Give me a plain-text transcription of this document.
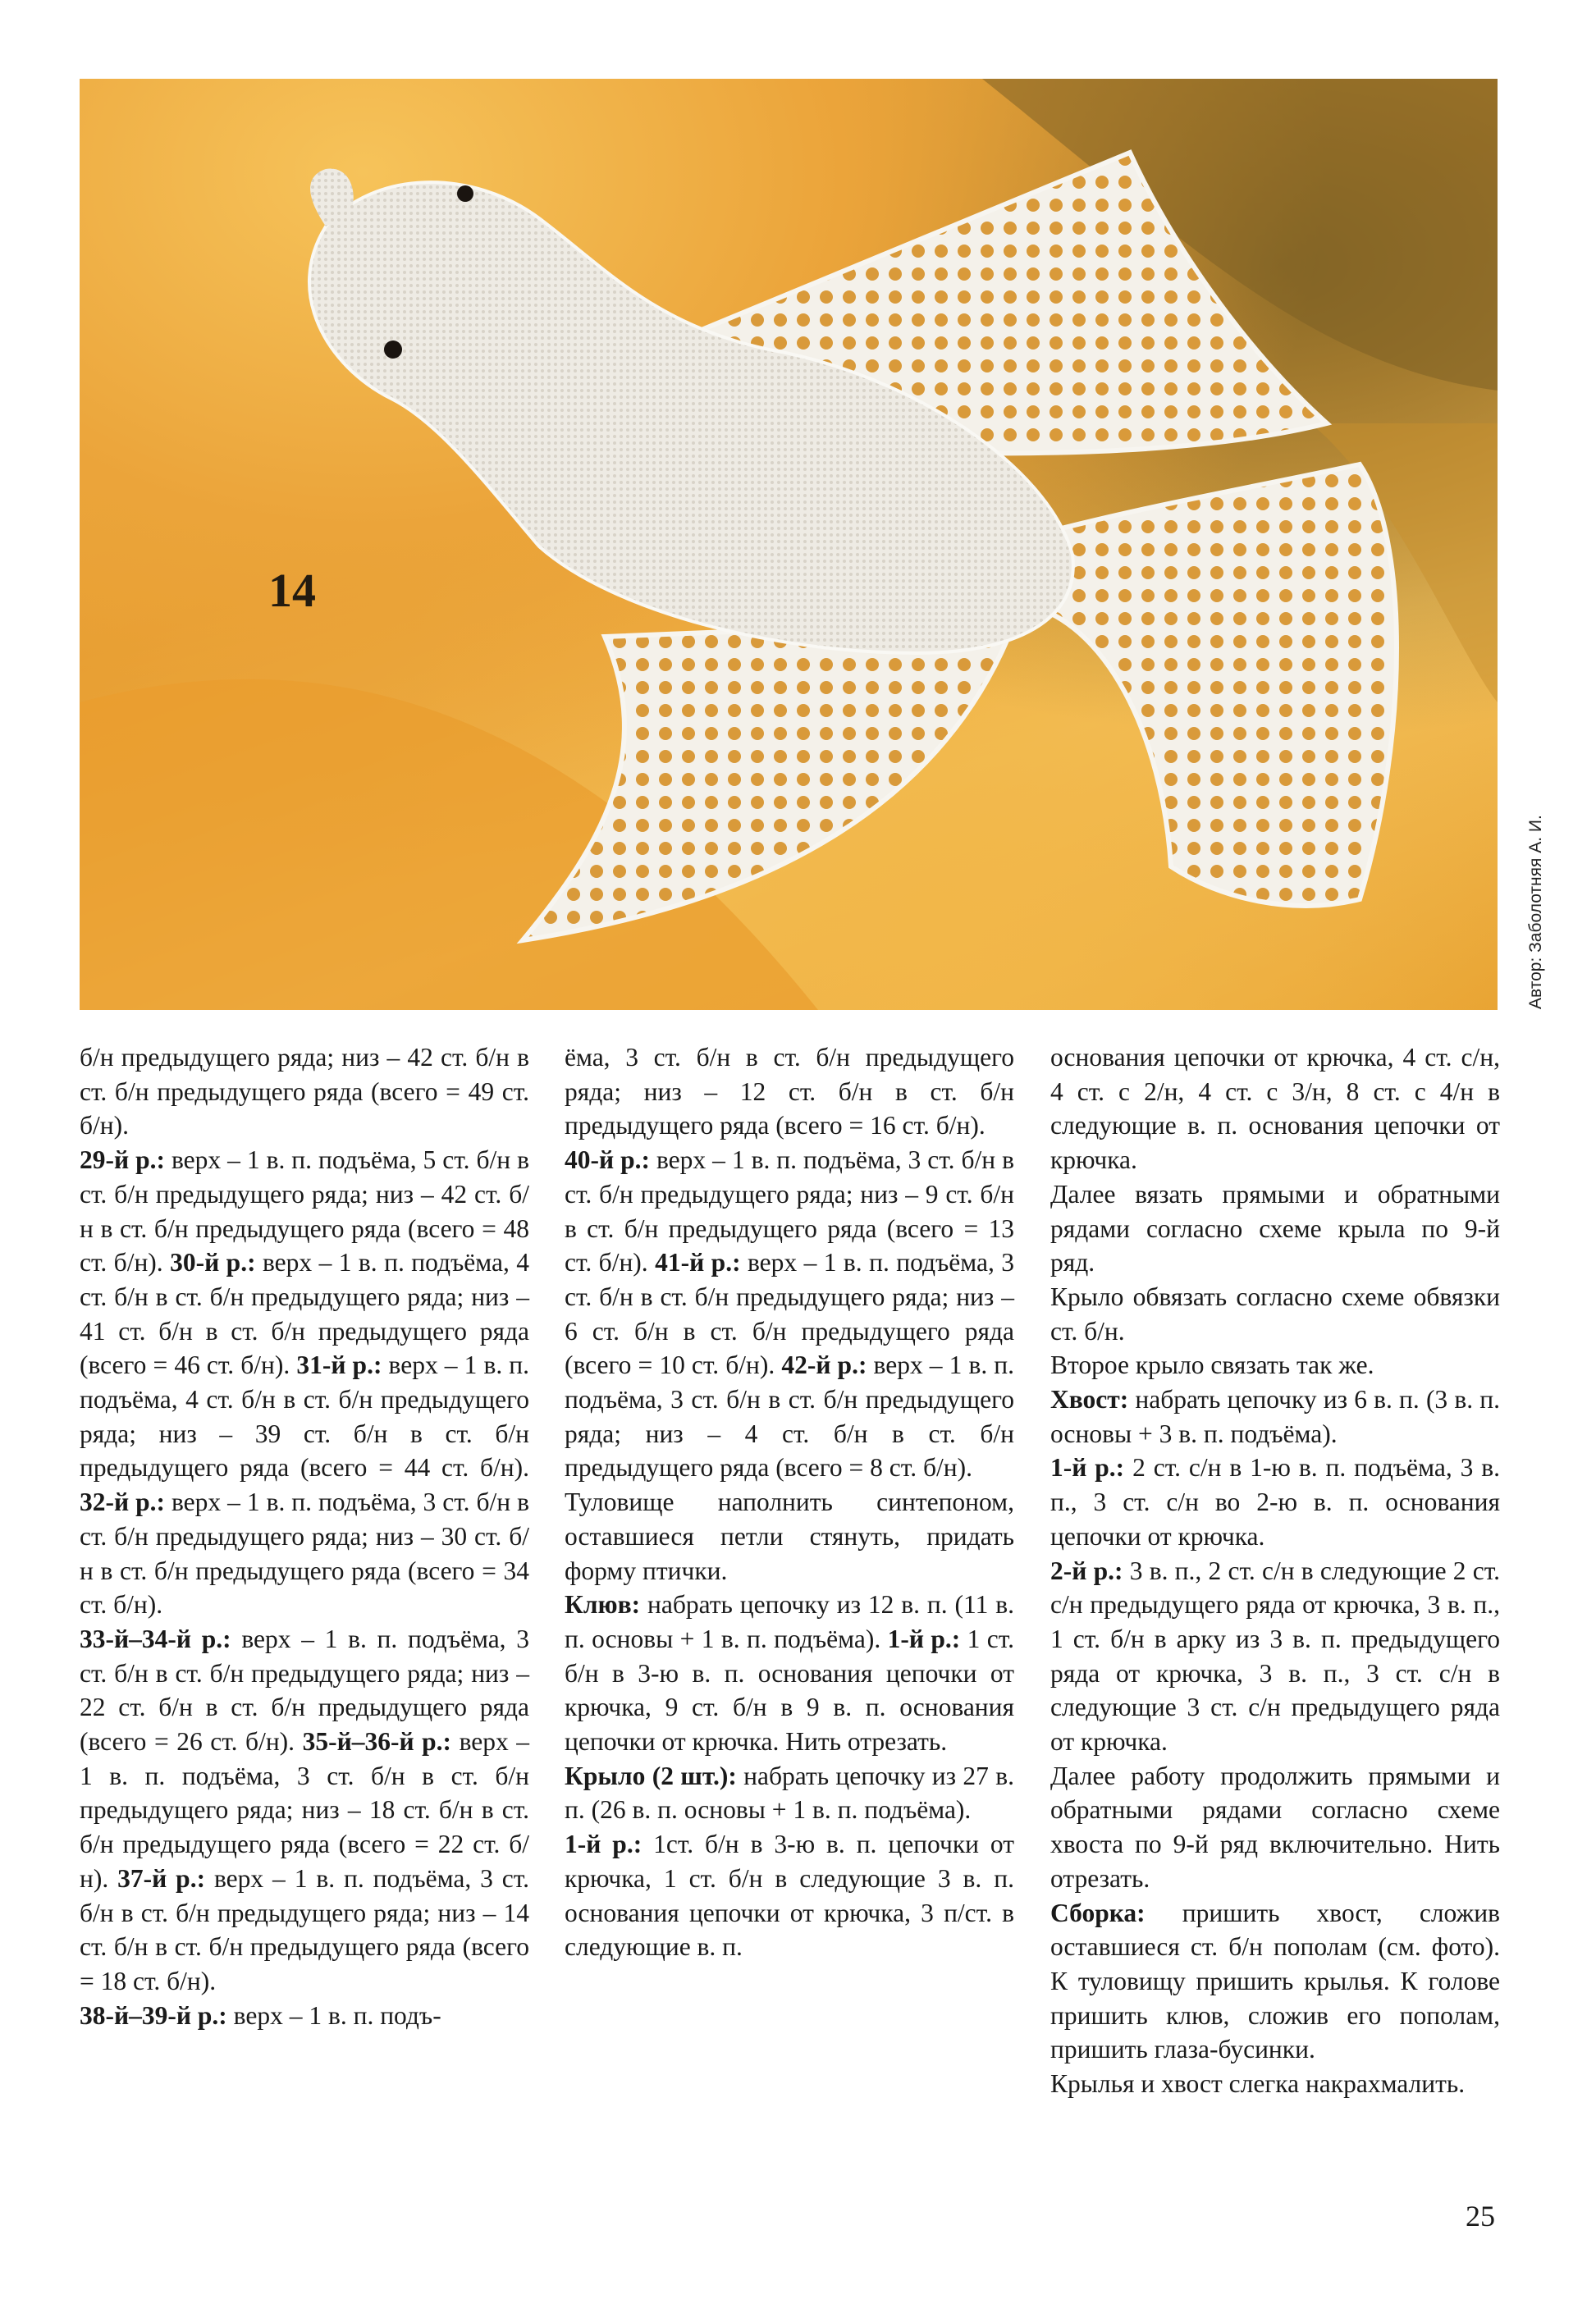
14
Автор: Заболотняя А. И.

б/н предыдущего ряда; низ – 42 ст. б/н в ст. б/н предыдущего ряда (всего = 49 ст. б/н).

29-й р.: верх – 1 в. п. подъёма, 5 ст. б/н в ст. б/н предыдущего ряда; низ – 42 ст. б/н в ст. б/н предыдущего ряда (всего = 48 ст. б/н). 30-й р.: верх – 1 в. п. подъёма, 4 ст. б/н в ст. б/н предыдущего ряда; низ – 41 ст. б/н в ст. б/н предыдущего ряда (всего = 46 ст. б/н). 31-й р.: верх – 1 в. п. подъёма, 4 ст. б/н в ст. б/н предыдущего ряда; низ – 39 ст. б/н в ст. б/н предыдущего ряда (всего = 44 ст. б/н). 32-й р.: верх – 1 в. п. подъёма, 3 ст. б/н в ст. б/н предыдущего ряда; низ – 30 ст. б/н в ст. б/н предыдущего ряда (всего = 34 ст. б/н).

33-й–34-й р.: верх – 1 в. п. подъёма, 3 ст. б/н в ст. б/н предыдущего ряда; низ – 22 ст. б/н в ст. б/н предыдущего ряда (всего = 26 ст. б/н). 35-й–36-й р.: верх – 1 в. п. подъёма, 3 ст. б/н в ст. б/н предыдущего ряда; низ – 18 ст. б/н в ст. б/н предыдущего ряда (всего = 22 ст. б/н). 37-й р.: верх – 1 в. п. подъёма, 3 ст. б/н в ст. б/н предыдущего ряда; низ – 14 ст. б/н в ст. б/н предыдущего ряда (всего = 18 ст. б/н).

38-й–39-й р.: верх – 1 в. п. подъ-

ёма, 3 ст. б/н в ст. б/н предыдущего ряда; низ – 12 ст. б/н в ст. б/н предыдущего ряда (всего = 16 ст. б/н).

40-й р.: верх – 1 в. п. подъёма, 3 ст. б/н в ст. б/н предыдущего ряда; низ – 9 ст. б/н в ст. б/н предыдущего ряда (всего = 13 ст. б/н). 41-й р.: верх – 1 в. п. подъёма, 3 ст. б/н в ст. б/н предыдущего ряда; низ – 6 ст. б/н в ст. б/н предыдущего ряда (всего = 10 ст. б/н). 42-й р.: верх – 1 в. п. подъёма, 3 ст. б/н в ст. б/н предыдущего ряда; низ – 4 ст. б/н в ст. б/н предыдущего ряда (всего = 8 ст. б/н).

Туловище наполнить синтепоном, оставшиеся петли стянуть, придать форму птички.

Клюв: набрать цепочку из 12 в. п. (11 в. п. основы + 1 в. п. подъёма). 1-й р.: 1 ст. б/н в 3-ю в. п. основания цепочки от крючка, 9 ст. б/н в 9 в. п. основания цепочки от крючка. Нить отрезать.

Крыло (2 шт.): набрать цепочку из 27 в. п. (26 в. п. основы + 1 в. п. подъёма).

1-й р.: 1ст. б/н в 3-ю в. п. цепочки от крючка, 1 ст. б/н в следующие 3 в. п. основания цепочки от крючка, 3 п/ст. в следующие в. п.

основания цепочки от крючка, 4 ст. с/н, 4 ст. с 2/н, 4 ст. с 3/н, 8 ст. с 4/н в следующие в. п. основания цепочки от крючка.

Далее вязать прямыми и обратными рядами согласно схеме крыла по 9-й ряд.

Крыло обвязать согласно схеме обвязки ст. б/н.

Второе крыло связать так же.

Хвост: набрать цепочку из 6 в. п. (3 в. п. основы + 3 в. п. подъёма).

1-й р.: 2 ст. с/н в 1-ю в. п. подъёма, 3 в. п., 3 ст. с/н во 2-ю в. п. основания цепочки от крючка.

2-й р.: 3 в. п., 2 ст. с/н в следующие 2 ст. с/н предыдущего ряда от крючка, 3 в. п., 1 ст. б/н в арку из 3 в. п. предыдущего ряда от крючка, 3 в. п., 3 ст. с/н в следующие 3 ст. с/н предыдущего ряда от крючка.

Далее работу продолжить прямыми и обратными рядами согласно схеме хвоста по 9-й ряд включительно. Нить отрезать.

Сборка: пришить хвост, сложив оставшиеся ст. б/н пополам (см. фото). К туловищу пришить крылья. К голове пришить клюв, сложив его пополам, пришить глаза-бусинки.

Крылья и хвост слегка накрахмалить.

25
